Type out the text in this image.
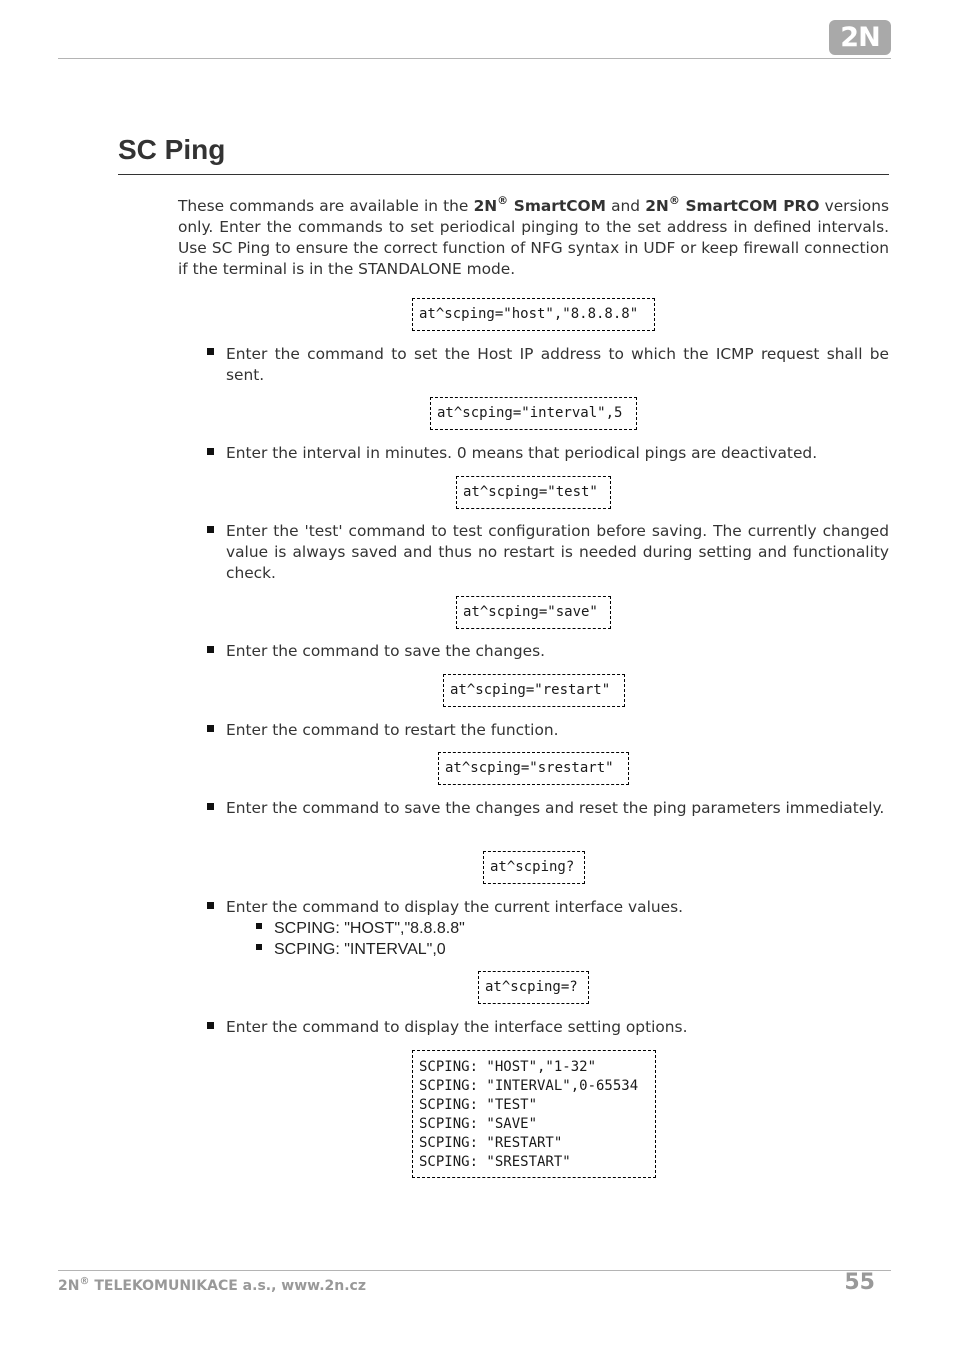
2N
SC Ping

These commands are available in the 2N® SmartCOM and 2N® SmartCOM PRO versions only. Enter the commands to set periodical pinging to the set address in defined intervals. Use SC Ping to ensure the correct function of NFG syntax in UDF or keep firewall connection if the terminal is in the STANDALONE mode.

at^scping="host","8.8.8.8"

Enter the command to set the Host IP address to which the ICMP request shall be sent.

at^scping="interval",5

Enter the interval in minutes. 0 means that periodical pings are deactivated.

at^scping="test"

Enter the 'test' command to test configuration before saving. The currently changed value is always saved and thus no restart is needed during setting and functionality check.

at^scping="save"

Enter the command to save the changes.

at^scping="restart"

Enter the command to restart the function.

at^scping="srestart"

Enter the command to save the changes and reset the ping parameters immediately.

at^scping?

Enter the command to display the current interface values.

SCPING: "HOST","8.8.8.8"

SCPING: "INTERVAL",0

at^scping=?

Enter the command to display the interface setting options.

SCPING: "HOST","1-32"
SCPING: "INTERVAL",0-65534
SCPING: "TEST"
SCPING: "SAVE"
SCPING: "RESTART"
SCPING: "SRESTART"
2N® TELEKOMUNIKACE a.s., www.2n.cz	55
